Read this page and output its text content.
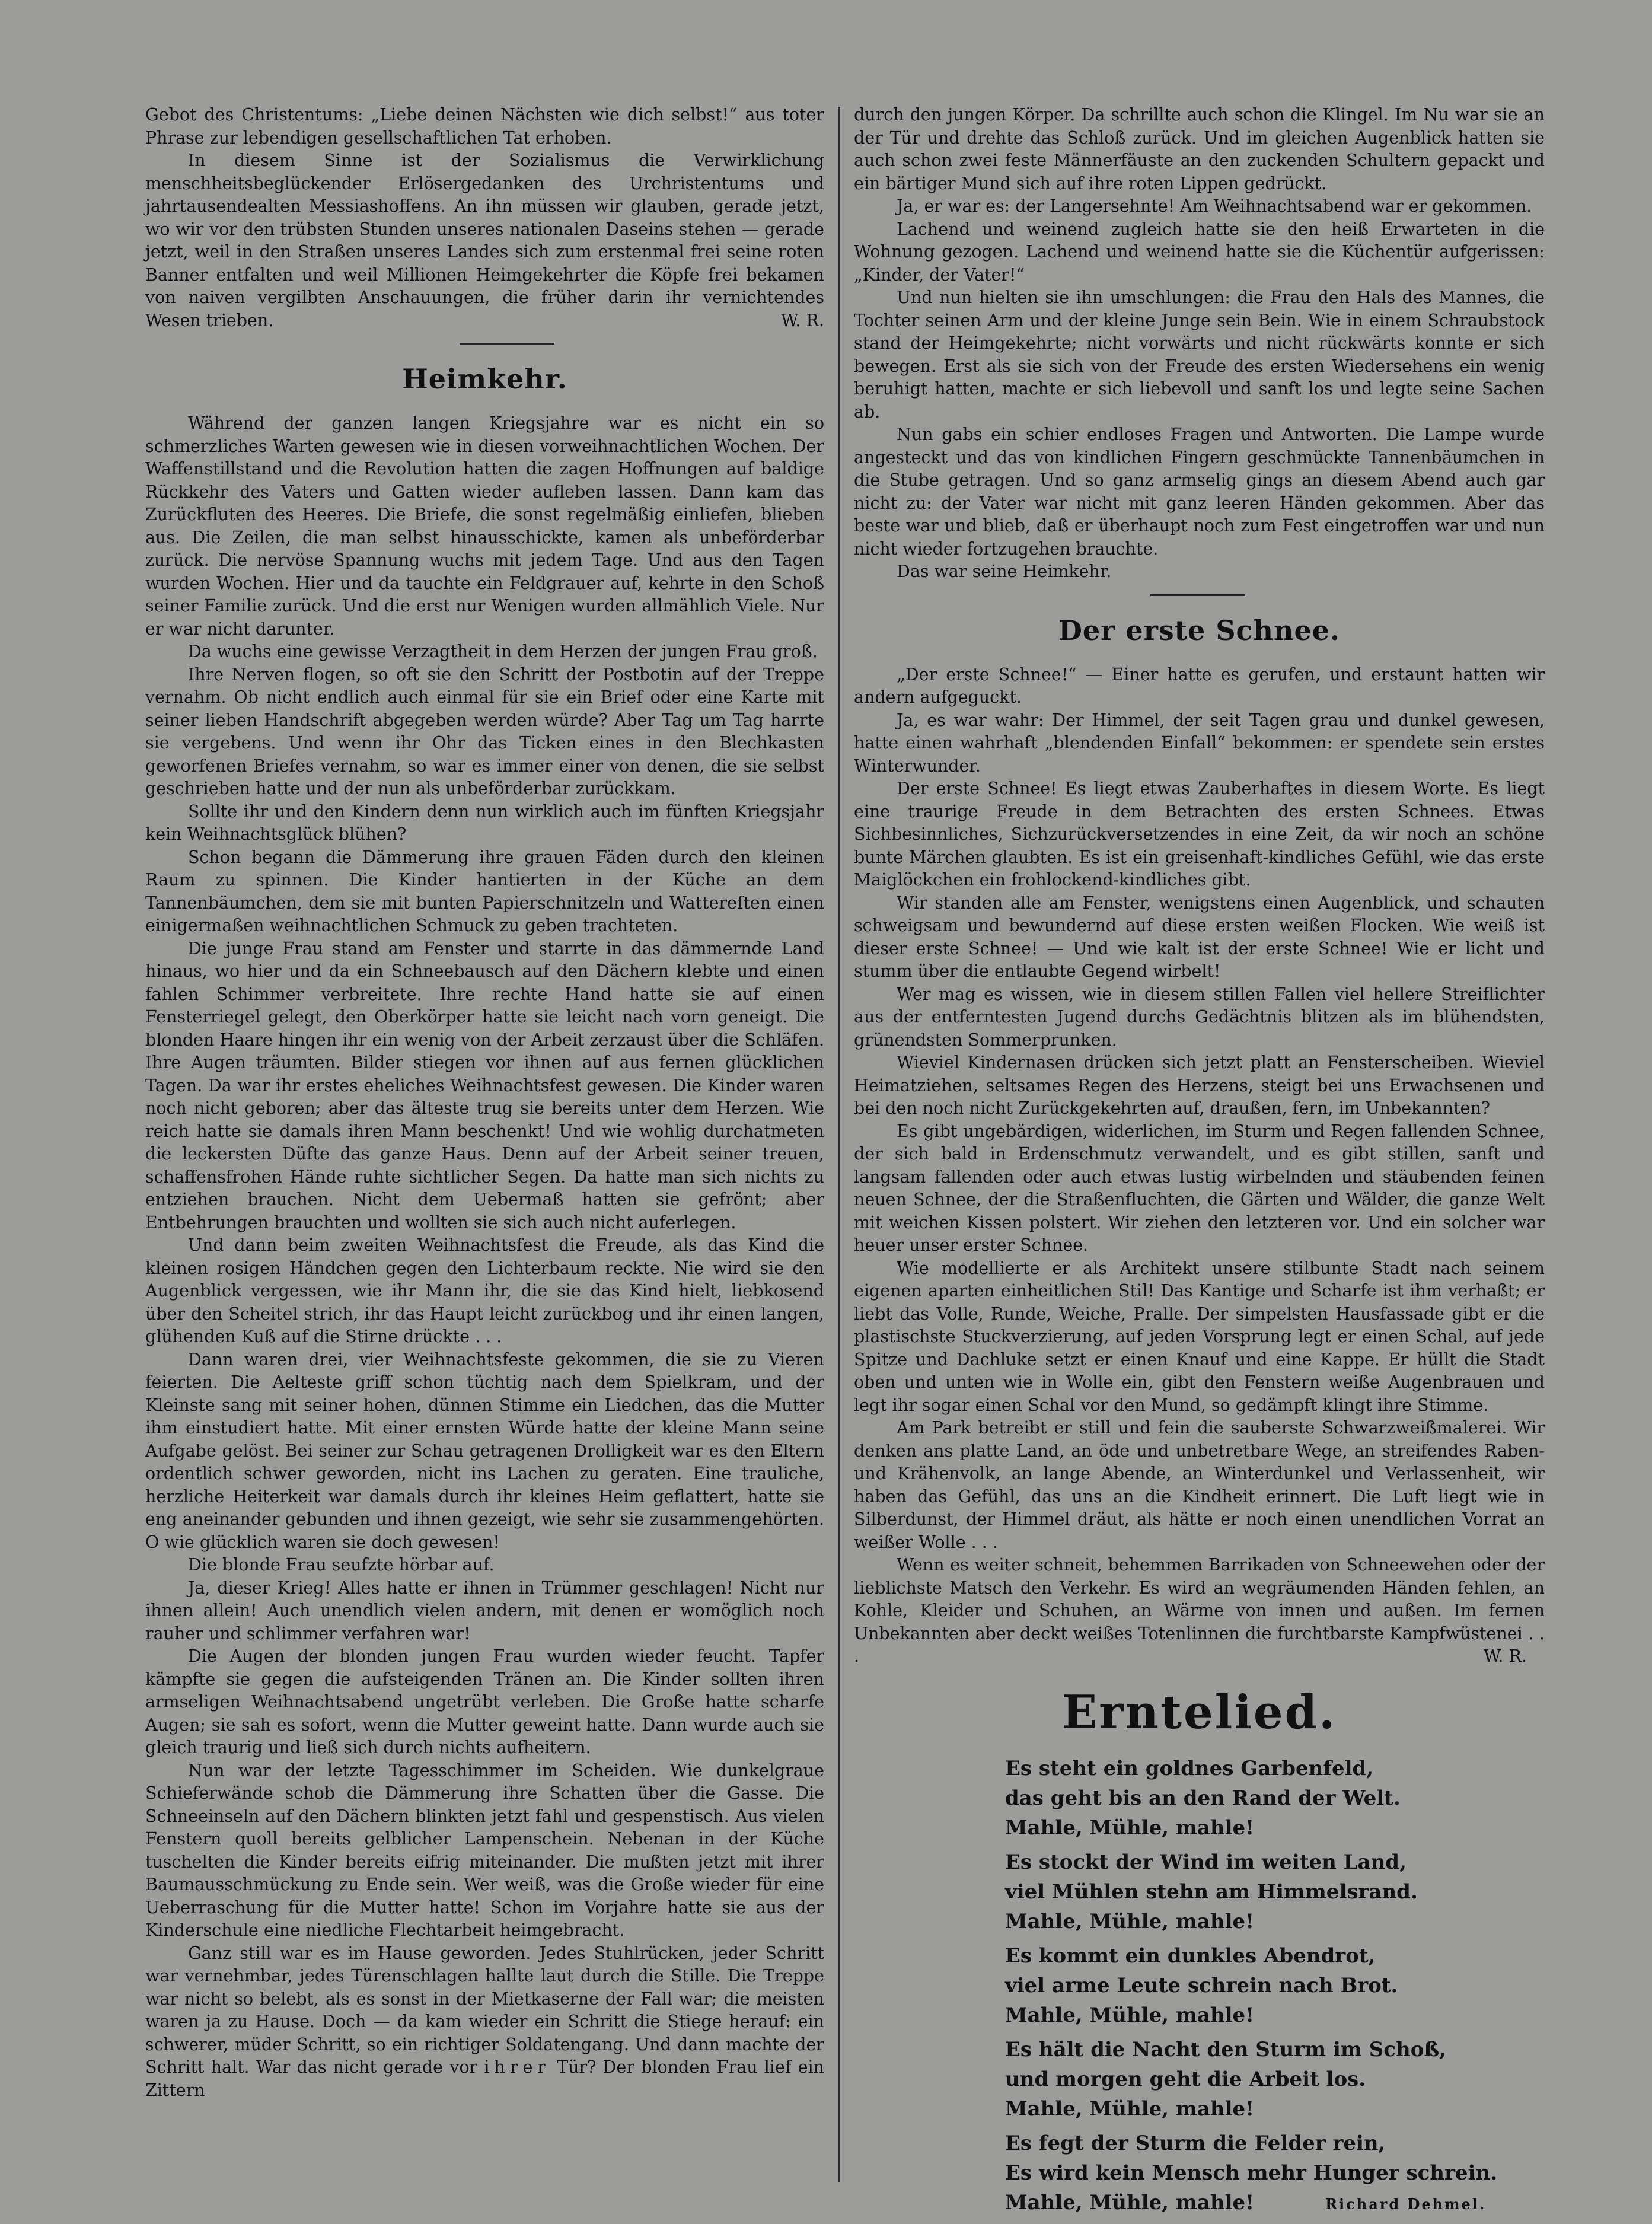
Gebot des Christentums: „Liebe deinen Nächsten wie dich selbst!“ aus toter Phrase zur lebendigen gesellschaftlichen Tat erhoben.

In diesem Sinne ist der Sozialismus die Verwirklichung menschheitsbeglückender Erlösergedanken des Urchristentums und jahrtausendealten Messiashoffens. An ihn müssen wir glauben, gerade jetzt, wo wir vor den trübsten Stunden unseres nationalen Daseins stehen — gerade jetzt, weil in den Straßen unseres Landes sich zum erstenmal frei seine roten Banner entfalten und weil Millionen Heimgekehrter die Köpfe frei bekamen von naiven vergilbten Anschauungen, die früher darin ihr vernichtendes Wesen trieben.	W. R.

Heimkehr.

Während der ganzen langen Kriegsjahre war es nicht ein so schmerzliches Warten gewesen wie in diesen vorweihnachtlichen Wochen. Der Waffenstillstand und die Revolution hatten die zagen Hoffnungen auf baldige Rückkehr des Vaters und Gatten wieder aufleben lassen. Dann kam das Zurückfluten des Heeres. Die Briefe, die sonst regelmäßig einliefen, blieben aus. Die Zeilen, die man selbst hinausschickte, kamen als unbeförderbar zurück. Die nervöse Spannung wuchs mit jedem Tage. Und aus den Tagen wurden Wochen. Hier und da tauchte ein Feldgrauer auf, kehrte in den Schoß seiner Familie zurück. Und die erst nur Wenigen wurden allmählich Viele. Nur er war nicht darunter.

Da wuchs eine gewisse Verzagtheit in dem Herzen der jungen Frau groß.

Ihre Nerven flogen, so oft sie den Schritt der Postbotin auf der Treppe vernahm. Ob nicht endlich auch einmal für sie ein Brief oder eine Karte mit seiner lieben Handschrift abgegeben werden würde? Aber Tag um Tag harrte sie vergebens. Und wenn ihr Ohr das Ticken eines in den Blechkasten geworfenen Briefes vernahm, so war es immer einer von denen, die sie selbst geschrieben hatte und der nun als unbeförderbar zurückkam.

Sollte ihr und den Kindern denn nun wirklich auch im fünften Kriegsjahr kein Weihnachtsglück blühen?

Schon begann die Dämmerung ihre grauen Fäden durch den kleinen Raum zu spinnen. Die Kinder hantierten in der Küche an dem Tannenbäumchen, dem sie mit bunten Papierschnitzeln und Wattereſten einen einigermaßen weihnachtlichen Schmuck zu geben trachteten.

Die junge Frau stand am Fenster und starrte in das dämmernde Land hinaus, wo hier und da ein Schneebausch auf den Dächern klebte und einen fahlen Schimmer verbreitete. Ihre rechte Hand hatte sie auf einen Fensterriegel gelegt, den Oberkörper hatte sie leicht nach vorn geneigt. Die blonden Haare hingen ihr ein wenig von der Arbeit zerzaust über die Schläfen. Ihre Augen träumten. Bilder stiegen vor ihnen auf aus fernen glücklichen Tagen. Da war ihr erstes eheliches Weihnachtsfest gewesen. Die Kinder waren noch nicht geboren; aber das älteste trug sie bereits unter dem Herzen. Wie reich hatte sie damals ihren Mann beschenkt! Und wie wohlig durchatmeten die leckersten Düfte das ganze Haus. Denn auf der Arbeit seiner treuen, schaffensfrohen Hände ruhte sichtlicher Segen. Da hatte man sich nichts zu entziehen brauchen. Nicht dem Uebermaß hatten sie gefrönt; aber Entbehrungen brauchten und wollten sie sich auch nicht auferlegen.

Und dann beim zweiten Weihnachtsfest die Freude, als das Kind die kleinen rosigen Händchen gegen den Lichterbaum reckte. Nie wird sie den Augenblick vergessen, wie ihr Mann ihr, die sie das Kind hielt, liebkosend über den Scheitel strich, ihr das Haupt leicht zurückbog und ihr einen langen, glühenden Kuß auf die Stirne drückte . . .

Dann waren drei, vier Weihnachtsfeste gekommen, die sie zu Vieren feierten. Die Aelteste griff schon tüchtig nach dem Spielkram, und der Kleinste sang mit seiner hohen, dünnen Stimme ein Liedchen, das die Mutter ihm einstudiert hatte. Mit einer ernsten Würde hatte der kleine Mann seine Aufgabe gelöst. Bei seiner zur Schau getragenen Drolligkeit war es den Eltern ordentlich schwer geworden, nicht ins Lachen zu geraten. Eine trauliche, herzliche Heiterkeit war damals durch ihr kleines Heim geflattert, hatte sie eng aneinander gebunden und ihnen gezeigt, wie sehr sie zusammengehörten. O wie glücklich waren sie doch gewesen!

Die blonde Frau seufzte hörbar auf.

Ja, dieser Krieg! Alles hatte er ihnen in Trümmer geschlagen! Nicht nur ihnen allein! Auch unendlich vielen andern, mit denen er womöglich noch rauher und schlimmer verfahren war!

Die Augen der blonden jungen Frau wurden wieder feucht. Tapfer kämpfte sie gegen die aufsteigenden Tränen an. Die Kinder sollten ihren armseligen Weihnachtsabend ungetrübt verleben. Die Große hatte scharfe Augen; sie sah es sofort, wenn die Mutter geweint hatte. Dann wurde auch sie gleich traurig und ließ sich durch nichts aufheitern.

Nun war der letzte Tagesschimmer im Scheiden. Wie dunkelgraue Schieferwände schob die Dämmerung ihre Schatten über die Gasse. Die Schneeinseln auf den Dächern blinkten jetzt fahl und gespenstisch. Aus vielen Fenstern quoll bereits gelblicher Lampenschein. Nebenan in der Küche tuschelten die Kinder bereits eifrig miteinander. Die mußten jetzt mit ihrer Baumausschmückung zu Ende sein. Wer weiß, was die Große wieder für eine Ueberraschung für die Mutter hatte! Schon im Vorjahre hatte sie aus der Kinderschule eine niedliche Flechtarbeit heimgebracht.

Ganz still war es im Hause geworden. Jedes Stuhlrücken, jeder Schritt war vernehmbar, jedes Türenschlagen hallte laut durch die Stille. Die Treppe war nicht so belebt, als es sonst in der Mietkaserne der Fall war; die meisten waren ja zu Hause. Doch — da kam wieder ein Schritt die Stiege herauf: ein schwerer, müder Schritt, so ein richtiger Soldatengang. Und dann machte der Schritt halt. War das nicht gerade vor ihrer Tür? Der blonden Frau lief ein Zittern

durch den jungen Körper. Da schrillte auch schon die Klingel. Im Nu war sie an der Tür und drehte das Schloß zurück. Und im gleichen Augenblick hatten sie auch schon zwei feste Männerfäuste an den zuckenden Schultern gepackt und ein bärtiger Mund sich auf ihre roten Lippen gedrückt.

Ja, er war es: der Langersehnte! Am Weihnachtsabend war er gekommen.

Lachend und weinend zugleich hatte sie den heiß Erwarteten in die Wohnung gezogen. Lachend und weinend hatte sie die Küchentür aufgerissen: „Kinder, der Vater!“

Und nun hielten sie ihn umschlungen: die Frau den Hals des Mannes, die Tochter seinen Arm und der kleine Junge sein Bein. Wie in einem Schraubstock stand der Heimgekehrte; nicht vorwärts und nicht rückwärts konnte er sich bewegen. Erst als sie sich von der Freude des ersten Wiedersehens ein wenig beruhigt hatten, machte er sich liebevoll und sanft los und legte seine Sachen ab.

Nun gabs ein schier endloses Fragen und Antworten. Die Lampe wurde angesteckt und das von kindlichen Fingern geschmückte Tannenbäumchen in die Stube getragen. Und so ganz armselig gings an diesem Abend auch gar nicht zu: der Vater war nicht mit ganz leeren Händen gekommen. Aber das beste war und blieb, daß er überhaupt noch zum Fest eingetroffen war und nun nicht wieder fortzugehen brauchte.

Das war seine Heimkehr.

Der erste Schnee.

„Der erste Schnee!“ — Einer hatte es gerufen, und erstaunt hatten wir andern aufgeguckt.

Ja, es war wahr: Der Himmel, der seit Tagen grau und dunkel gewesen, hatte einen wahrhaft „blendenden Einfall“ bekommen: er spendete sein erstes Winterwunder.

Der erste Schnee! Es liegt etwas Zauberhaftes in diesem Worte. Es liegt eine traurige Freude in dem Betrachten des ersten Schnees. Etwas Sichbesinnliches, Sichzurückversetzendes in eine Zeit, da wir noch an schöne bunte Märchen glaubten. Es ist ein greisenhaft-kindliches Gefühl, wie das erste Maiglöckchen ein frohlockend-kindliches gibt.

Wir standen alle am Fenster, wenigstens einen Augenblick, und schauten schweigsam und bewundernd auf diese ersten weißen Flocken. Wie weiß ist dieser erste Schnee! — Und wie kalt ist der erste Schnee! Wie er licht und stumm über die entlaubte Gegend wirbelt!

Wer mag es wissen, wie in diesem stillen Fallen viel hellere Streiflichter aus der entferntesten Jugend durchs Gedächtnis blitzen als im blühendsten, grünendsten Sommerprunken.

Wieviel Kindernasen drücken sich jetzt platt an Fensterscheiben. Wieviel Heimatziehen, seltsames Regen des Herzens, steigt bei uns Erwachsenen und bei den noch nicht Zurückgekehrten auf, draußen, fern, im Unbekannten?

Es gibt ungebärdigen, widerlichen, im Sturm und Regen fallenden Schnee, der sich bald in Erdenschmutz verwandelt, und es gibt stillen, sanft und langsam fallenden oder auch etwas lustig wirbelnden und stäubenden feinen neuen Schnee, der die Straßenfluchten, die Gärten und Wälder, die ganze Welt mit weichen Kissen polstert. Wir ziehen den letzteren vor. Und ein solcher war heuer unser erster Schnee.

Wie modellierte er als Architekt unsere stilbunte Stadt nach seinem eigenen aparten einheitlichen Stil! Das Kantige und Scharfe ist ihm verhaßt; er liebt das Volle, Runde, Weiche, Pralle. Der simpelsten Hausfassade gibt er die plastischste Stuckverzierung, auf jeden Vorsprung legt er einen Schal, auf jede Spitze und Dachluke setzt er einen Knauf und eine Kappe. Er hüllt die Stadt oben und unten wie in Wolle ein, gibt den Fenstern weiße Augenbrauen und legt ihr sogar einen Schal vor den Mund, so gedämpft klingt ihre Stimme.

Am Park betreibt er still und fein die sauberste Schwarzweißmalerei. Wir denken ans platte Land, an öde und unbetretbare Wege, an streifendes Raben- und Krähenvolk, an lange Abende, an Winterdunkel und Verlassenheit, wir haben das Gefühl, das uns an die Kindheit erinnert. Die Luft liegt wie in Silberdunst, der Himmel dräut, als hätte er noch einen unendlichen Vorrat an weißer Wolle . . .

Wenn es weiter schneit, behemmen Barrikaden von Schneewehen oder der lieblichste Matsch den Verkehr. Es wird an wegräumenden Händen fehlen, an Kohle, Kleider und Schuhen, an Wärme von innen und außen. Im fernen Unbekannten aber deckt weißes Totenlinnen die furchtbarste Kampfwüstenei . . .	W. R.

Erntelied.
Es steht ein goldnes Garbenfeld,
das geht bis an den Rand der Welt.
Mahle, Mühle, mahle!
Es stockt der Wind im weiten Land,
viel Mühlen stehn am Himmelsrand.
Mahle, Mühle, mahle!
Es kommt ein dunkles Abendrot,
viel arme Leute schrein nach Brot.
Mahle, Mühle, mahle!
Es hält die Nacht den Sturm im Schoß,
und morgen geht die Arbeit los.
Mahle, Mühle, mahle!
Es fegt der Sturm die Felder rein,
Es wird kein Mensch mehr Hunger schrein.
Mahle, Mühle, mahle!	Richard Dehmel.
